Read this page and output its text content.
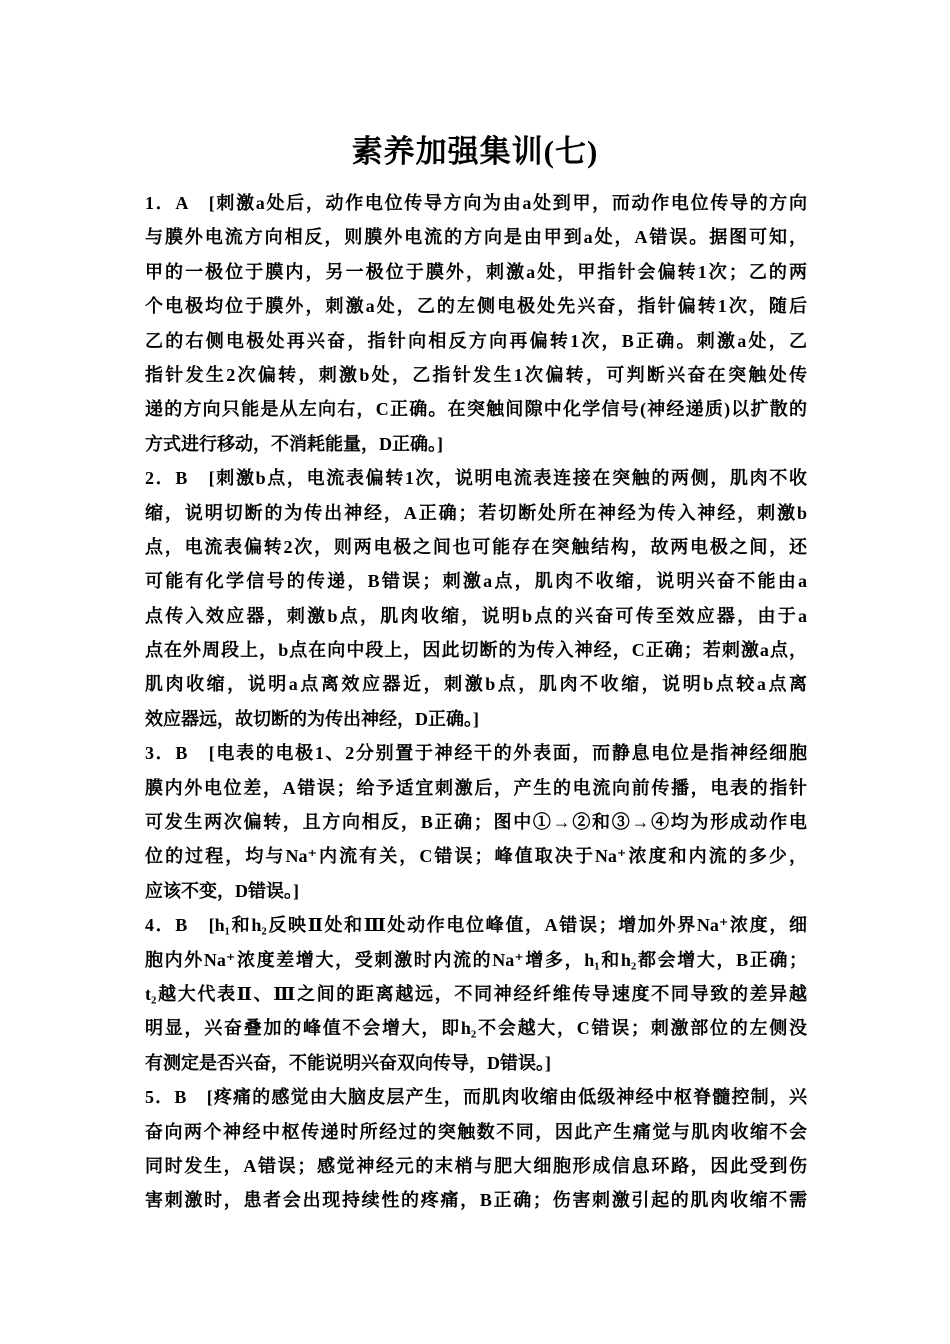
素养加强集训(七)
1．A　[刺激a处后，动作电位传导方向为由a处到甲，而动作电位传导的方向
与膜外电流方向相反，则膜外电流的方向是由甲到a处，A错误。据图可知，
甲的一极位于膜内，另一极位于膜外，刺激a处，甲指针会偏转1次；乙的两
个电极均位于膜外，刺激a处，乙的左侧电极处先兴奋，指针偏转1次，随后
乙的右侧电极处再兴奋，指针向相反方向再偏转1次，B正确。刺激a处，乙
指针发生2次偏转，刺激b处，乙指针发生1次偏转，可判断兴奋在突触处传
递的方向只能是从左向右，C正确。在突触间隙中化学信号(神经递质)以扩散的
方式进行移动，不消耗能量，D正确。]
2．B　[刺激b点，电流表偏转1次，说明电流表连接在突触的两侧，肌肉不收
缩，说明切断的为传出神经，A正确；若切断处所在神经为传入神经，刺激b
点，电流表偏转2次，则两电极之间也可能存在突触结构，故两电极之间，还
可能有化学信号的传递，B错误；刺激a点，肌肉不收缩，说明兴奋不能由a
点传入效应器，刺激b点，肌肉收缩，说明b点的兴奋可传至效应器，由于a
点在外周段上，b点在向中段上，因此切断的为传入神经，C正确；若刺激a点，
肌肉收缩，说明a点离效应器近，刺激b点，肌肉不收缩，说明b点较a点离
效应器远，故切断的为传出神经，D正确。]
3．B　[电表的电极1、2分别置于神经干的外表面，而静息电位是指神经细胞
膜内外电位差，A错误；给予适宜刺激后，产生的电流向前传播，电表的指针
可发生两次偏转，且方向相反，B正确；图中①→②和③→④均为形成动作电
位的过程，均与Na⁺内流有关，C错误；峰值取决于Na⁺浓度和内流的多少，
应该不变，D错误。]
4．B　[h₁和h₂反映Ⅱ处和Ⅲ处动作电位峰值，A错误；增加外界Na⁺浓度，细
胞内外Na⁺浓度差增大，受刺激时内流的Na⁺增多，h₁和h₂都会增大，B正确；
t₂越大代表Ⅱ、Ⅲ之间的距离越远，不同神经纤维传导速度不同导致的差异越
明显，兴奋叠加的峰值不会增大，即h₂不会越大，C错误；刺激部位的左侧没
有测定是否兴奋，不能说明兴奋双向传导，D错误。]
5．B　[疼痛的感觉由大脑皮层产生，而肌肉收缩由低级神经中枢脊髓控制，兴
奋向两个神经中枢传递时所经过的突触数不同，因此产生痛觉与肌肉收缩不会
同时发生，A错误；感觉神经元的末梢与肥大细胞形成信息环路，因此受到伤
害刺激时，患者会出现持续性的疼痛，B正确；伤害刺激引起的肌肉收缩不需
